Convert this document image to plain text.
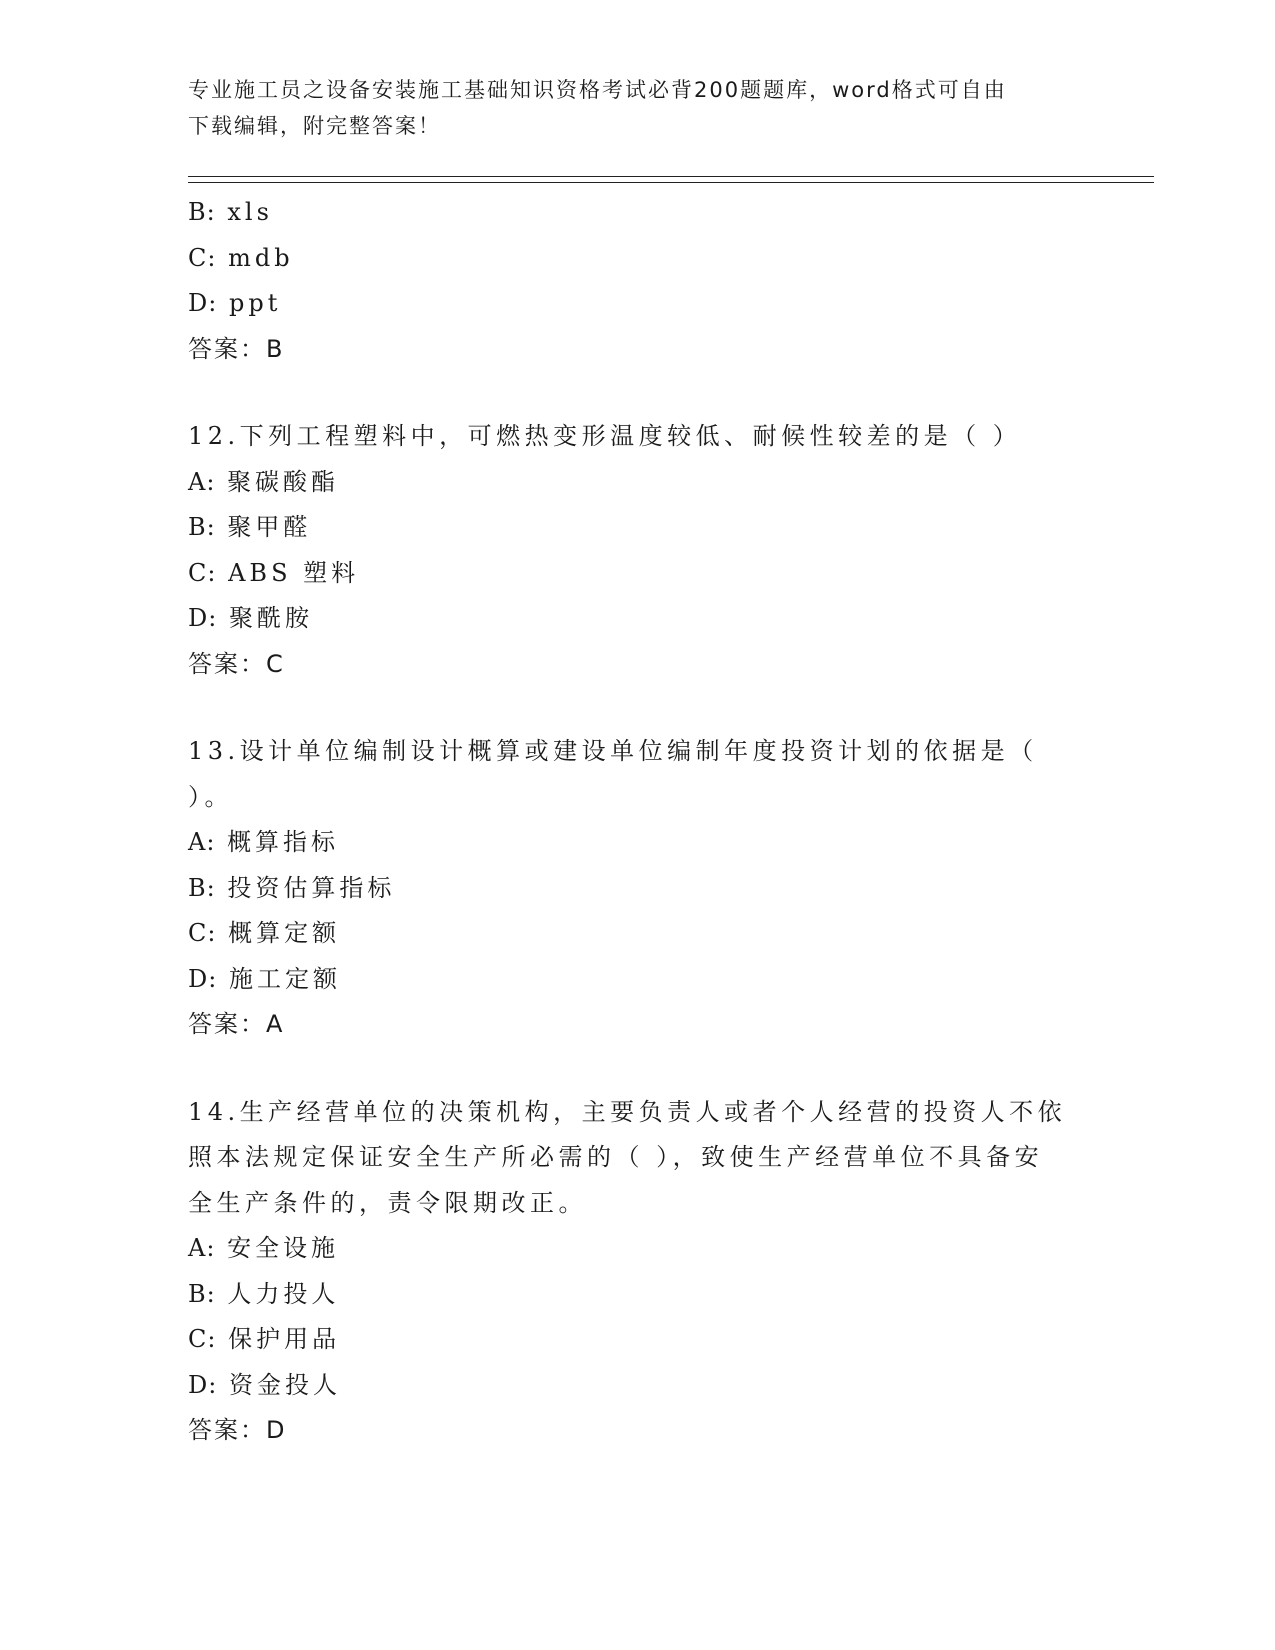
专业施工员之设备安装施工基础知识资格考试必背200题题库，word格式可自由
下载编辑，附完整答案！
B: xls
C: mdb
D: ppt
答案：B
12.下列工程塑料中，可燃热变形温度较低、耐候性较差的是（ ）
A: 聚碳酸酯
B: 聚甲醛
C: ABS 塑料
D: 聚酰胺
答案：C
13.设计单位编制设计概算或建设单位编制年度投资计划的依据是（
）。
A: 概算指标
B: 投资估算指标
C: 概算定额
D: 施工定额
答案：A
14.生产经营单位的决策机构，主要负责人或者个人经营的投资人不依
照本法规定保证安全生产所必需的（ ），致使生产经营单位不具备安
全生产条件的，责令限期改正。
A: 安全设施
B: 人力投人
C: 保护用品
D: 资金投人
答案：D
